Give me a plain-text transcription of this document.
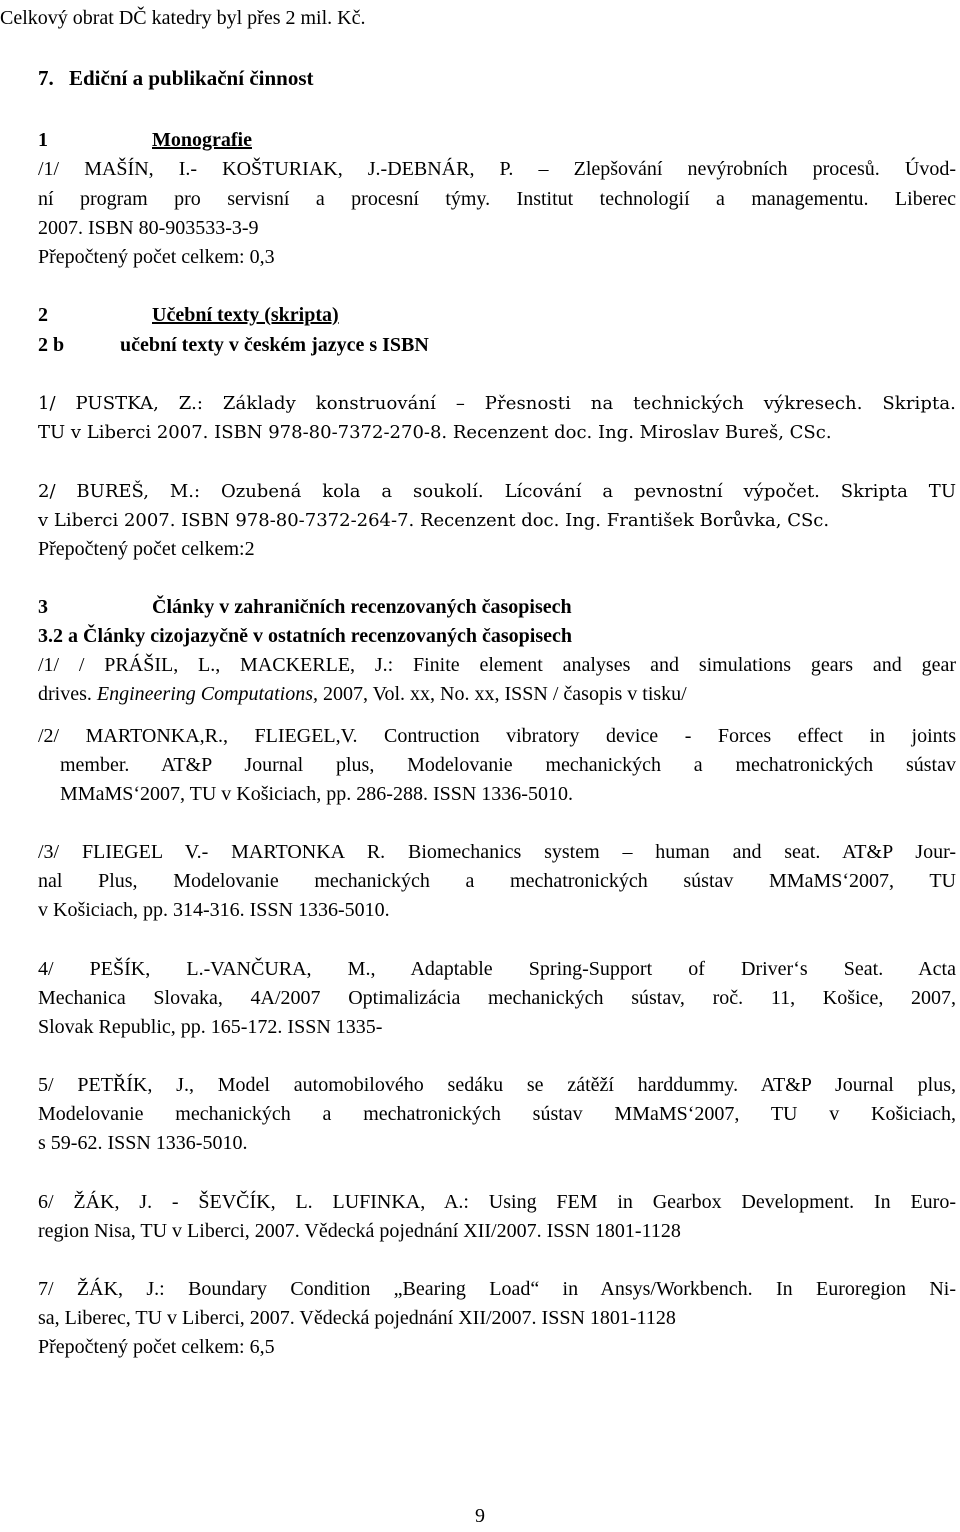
Celkový obrat DČ katedry byl přes 2 mil. Kč.

7. Ediční a publikační činnost

1	Monografie

/1/ MAŠÍN, I.- KOŠTURIAK, J.-DEBNÁR, P. – Zlepšování nevýrobních procesů. Úvod-

ní program pro servisní a procesní týmy. Institut technologií a managementu. Liberec

2007. ISBN 80-903533-3-9

Přepočtený počet celkem: 0,3

2	Učební texty (skripta)

2 b	učební texty v českém jazyce s ISBN

1/ PUSTKA, Z.: Základy konstruování – Přesnosti na technických výkresech. Skripta.

TU v Liberci 2007. ISBN 978-80-7372-270-8. Recenzent doc. Ing. Miroslav Bureš, CSc.

2/ BUREŠ, M.: Ozubená kola a soukolí. Lícování a pevnostní výpočet. Skripta TU

v Liberci 2007. ISBN 978-80-7372-264-7. Recenzent doc. Ing. František Borůvka, CSc.

Přepočtený počet celkem:2

3	Články v zahraničních recenzovaných časopisech

3.2 a Články cizojazyčně v ostatních recenzovaných časopisech

/1/ / PRÁŠIL, L., MACKERLE, J.: Finite element analyses and simulations gears and gear

drives. Engineering Computations, 2007, Vol. xx, No. xx, ISSN / časopis v tisku/

/2/ MARTONKA,R., FLIEGEL,V. Contruction vibratory device - Forces effect in joints

member. AT&P Journal plus, Modelovanie mechanických a mechatronických sústav

MMaMS‘2007, TU v Košiciach, pp. 286-288. ISSN 1336-5010.

/3/ FLIEGEL V.- MARTONKA R. Biomechanics system – human and seat. AT&P Jour-

nal Plus, Modelovanie mechanických a mechatronických sústav MMaMS‘2007, TU

v Košiciach, pp. 314-316. ISSN 1336-5010.

4/ PEŠÍK, L.-VANČURA, M., Adaptable Spring-Support of Driver‘s Seat. Acta

Mechanica Slovaka, 4A/2007 Optimalizácia mechanických sústav, roč. 11, Košice, 2007,

Slovak Republic, pp. 165-172. ISSN 1335-

5/ PETŘÍK, J., Model automobilového sedáku se zátěží harddummy. AT&P Journal plus,

Modelovanie mechanických a mechatronických sústav MMaMS‘2007, TU v Košiciach,

s 59-62. ISSN 1336-5010.

6/ ŽÁK, J. - ŠEVČÍK, L. LUFINKA, A.: Using FEM in Gearbox Development. In Euro-

region Nisa, TU v Liberci, 2007. Vědecká pojednání XII/2007. ISSN 1801-1128

7/ ŽÁK, J.: Boundary Condition „Bearing Load“ in Ansys/Workbench. In Euroregion Ni-

sa, Liberec, TU v Liberci, 2007. Vědecká pojednání XII/2007. ISSN 1801-1128

Přepočtený počet celkem: 6,5

9
